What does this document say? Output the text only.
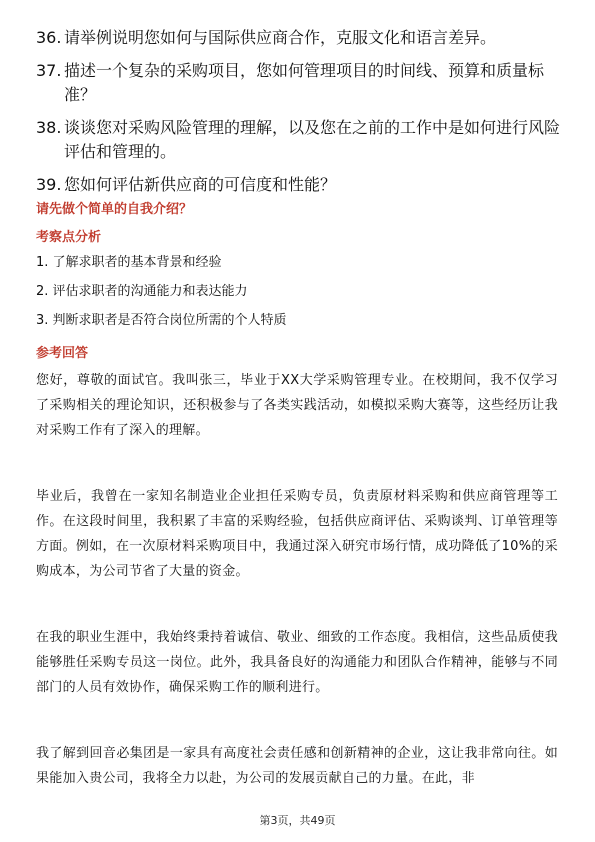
36. 请举例说明您如何与国际供应商合作，克服文化和语言差异。
37. 描述一个复杂的采购项目，您如何管理项目的时间线、预算和质量标准？
38. 谈谈您对采购风险管理的理解，以及您在之前的工作中是如何进行风险评估和管理的。
39. 您如何评估新供应商的可信度和性能？
请先做个简单的自我介绍？
考察点分析
1. 了解求职者的基本背景和经验
2. 评估求职者的沟通能力和表达能力
3. 判断求职者是否符合岗位所需的个人特质
参考回答

您好，尊敬的面试官。我叫张三，毕业于XX大学采购管理专业。在校期间，我不仅学习了采购相关的理论知识，还积极参与了各类实践活动，如模拟采购大赛等，这些经历让我对采购工作有了深入的理解。

毕业后，我曾在一家知名制造业企业担任采购专员，负责原材料采购和供应商管理等工作。在这段时间里，我积累了丰富的采购经验，包括供应商评估、采购谈判、订单管理等方面。例如，在一次原材料采购项目中，我通过深入研究市场行情，成功降低了10%的采购成本，为公司节省了大量的资金。

在我的职业生涯中，我始终秉持着诚信、敬业、细致的工作态度。我相信，这些品质使我能够胜任采购专员这一岗位。此外，我具备良好的沟通能力和团队合作精神，能够与不同部门的人员有效协作，确保采购工作的顺利进行。

我了解到回音必集团是一家具有高度社会责任感和创新精神的企业，这让我非常向往。如果能加入贵公司，我将全力以赴，为公司的发展贡献自己的力量。在此，非

第3页，共49页
